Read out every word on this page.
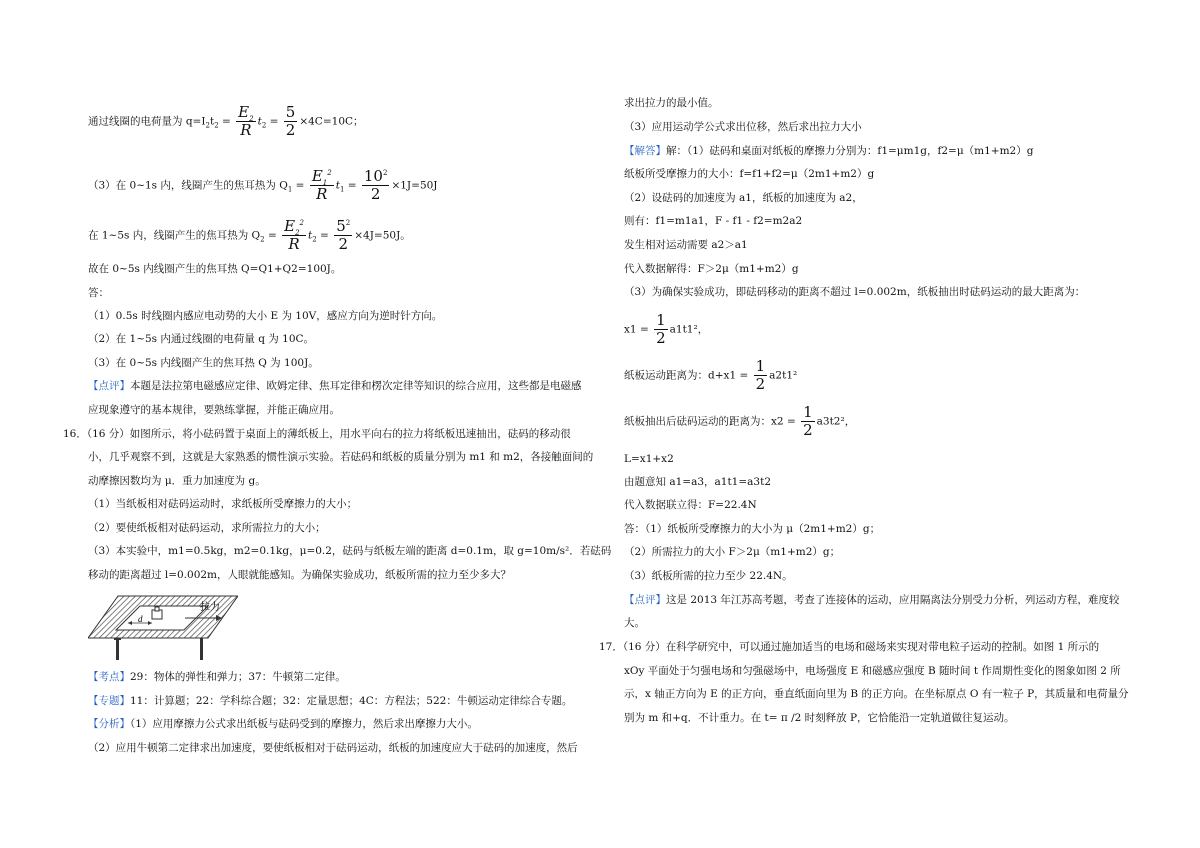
通过线圈的电荷量为 $q=I_2t_2 = \frac{E_2}{R} t_2 = \frac{5}{2} \times 4C=10C$；
（3）在 0~1s 内，线圈产生的焦耳热为 $Q_1 = \frac{E_1^2}{R} t_1 = \frac{10^2}{2} \times 1J=50J$
在 1~5s 内，线圈产生的焦耳热为 $Q_2 = \frac{E_2^2}{R} t_2 = \frac{5^2}{2} \times 4J=50J$。
故在 0~5s 内线圈产生的焦耳热 Q=Q1+Q2=100J。
答：
（1）0.5s 时线圈内感应电动势的大小 E 为 10V，感应方向为逆时针方向。
（2）在 1~5s 内通过线圈的电荷量 q 为 10C。
（3）在 0~5s 内线圈产生的焦耳热 Q 为 100J。
【点评】本题是法拉第电磁感应定律、欧姆定律、焦耳定律和楞次定律等知识的综合应用，这些都是电磁感
应现象遵守的基本规律，要熟练掌握，并能正确应用。
16．（16 分）如图所示，将小砝码置于桌面上的薄纸板上，用水平向右的拉力将纸板迅速抽出，砝码的移动很
小，几乎观察不到，这就是大家熟悉的惯性演示实验。若砝码和纸板的质量分别为 m1 和 m2，各接触面间的
动摩擦因数均为 μ．重力加速度为 g。
（1）当纸板相对砝码运动时，求纸板所受摩擦力的大小；
（2）要使纸板相对砝码运动，求所需拉力的大小；
（3）本实验中，m1=0.5kg，m2=0.1kg，μ=0.2，砝码与纸板左端的距离 d=0.1m，取 g=10m/s²．若砝码
移动的距离超过 l=0.002m，人眼就能感知。为确保实验成功，纸板所需的拉力至少多大？
d
拉力
【考点】29：物体的弹性和弹力；37：牛顿第二定律。
【专题】11：计算题；22：学科综合题；32：定量思想；4C：方程法；522：牛顿运动定律综合专题。
【分析】（1）应用摩擦力公式求出纸板与砝码受到的摩擦力，然后求出摩擦力大小。
（2）应用牛顿第二定律求出加速度，要使纸板相对于砝码运动，纸板的加速度应大于砝码的加速度，然后
求出拉力的最小值。
（3）应用运动学公式求出位移，然后求出拉力大小
【解答】解：（1）砝码和桌面对纸板的摩擦力分别为：f1=μm1g，f2=μ（m1+m2）g
纸板所受摩擦力的大小：f=f1+f2=μ（2m1+m2）g
（2）设砝码的加速度为 a1，纸板的加速度为 a2，
则有：f1=m1a1，F - f1 - f2=m2a2
发生相对运动需要 a2＞a1
代入数据解得：F＞2μ（m1+m2）g
（3）为确保实验成功，即砝码移动的距离不超过 l=0.002m，纸板抽出时砝码运动的最大距离为：
$x1 = \frac{1}{2} a1t1^2$，
纸板运动距离为：$d+x1 = \frac{1}{2} a2t1^2$
纸板抽出后砝码运动的距离为：$x2 = \frac{1}{2} a3t2^2$，
L=x1+x2
由题意知 a1=a3，a1t1=a3t2
代入数据联立得：F=22.4N
答：（1）纸板所受摩擦力的大小为 μ（2m1+m2）g；
（2）所需拉力的大小 F＞2μ（m1+m2）g；
（3）纸板所需的拉力至少 22.4N。
【点评】这是 2013 年江苏高考题，考查了连接体的运动，应用隔离法分别受力分析，列运动方程，难度较
大。
17．（16 分）在科学研究中，可以通过施加适当的电场和磁场来实现对带电粒子运动的控制。如图 1 所示的
xOy 平面处于匀强电场和匀强磁场中，电场强度 E 和磁感应强度 B 随时间 t 作周期性变化的图象如图 2 所
示，x 轴正方向为 E 的正方向，垂直纸面向里为 B 的正方向。在坐标原点 O 有一粒子 P，其质量和电荷量分
别为 m 和+q．不计重力。在 t= π /2 时刻释放 P，它恰能沿一定轨道做往复运动。
